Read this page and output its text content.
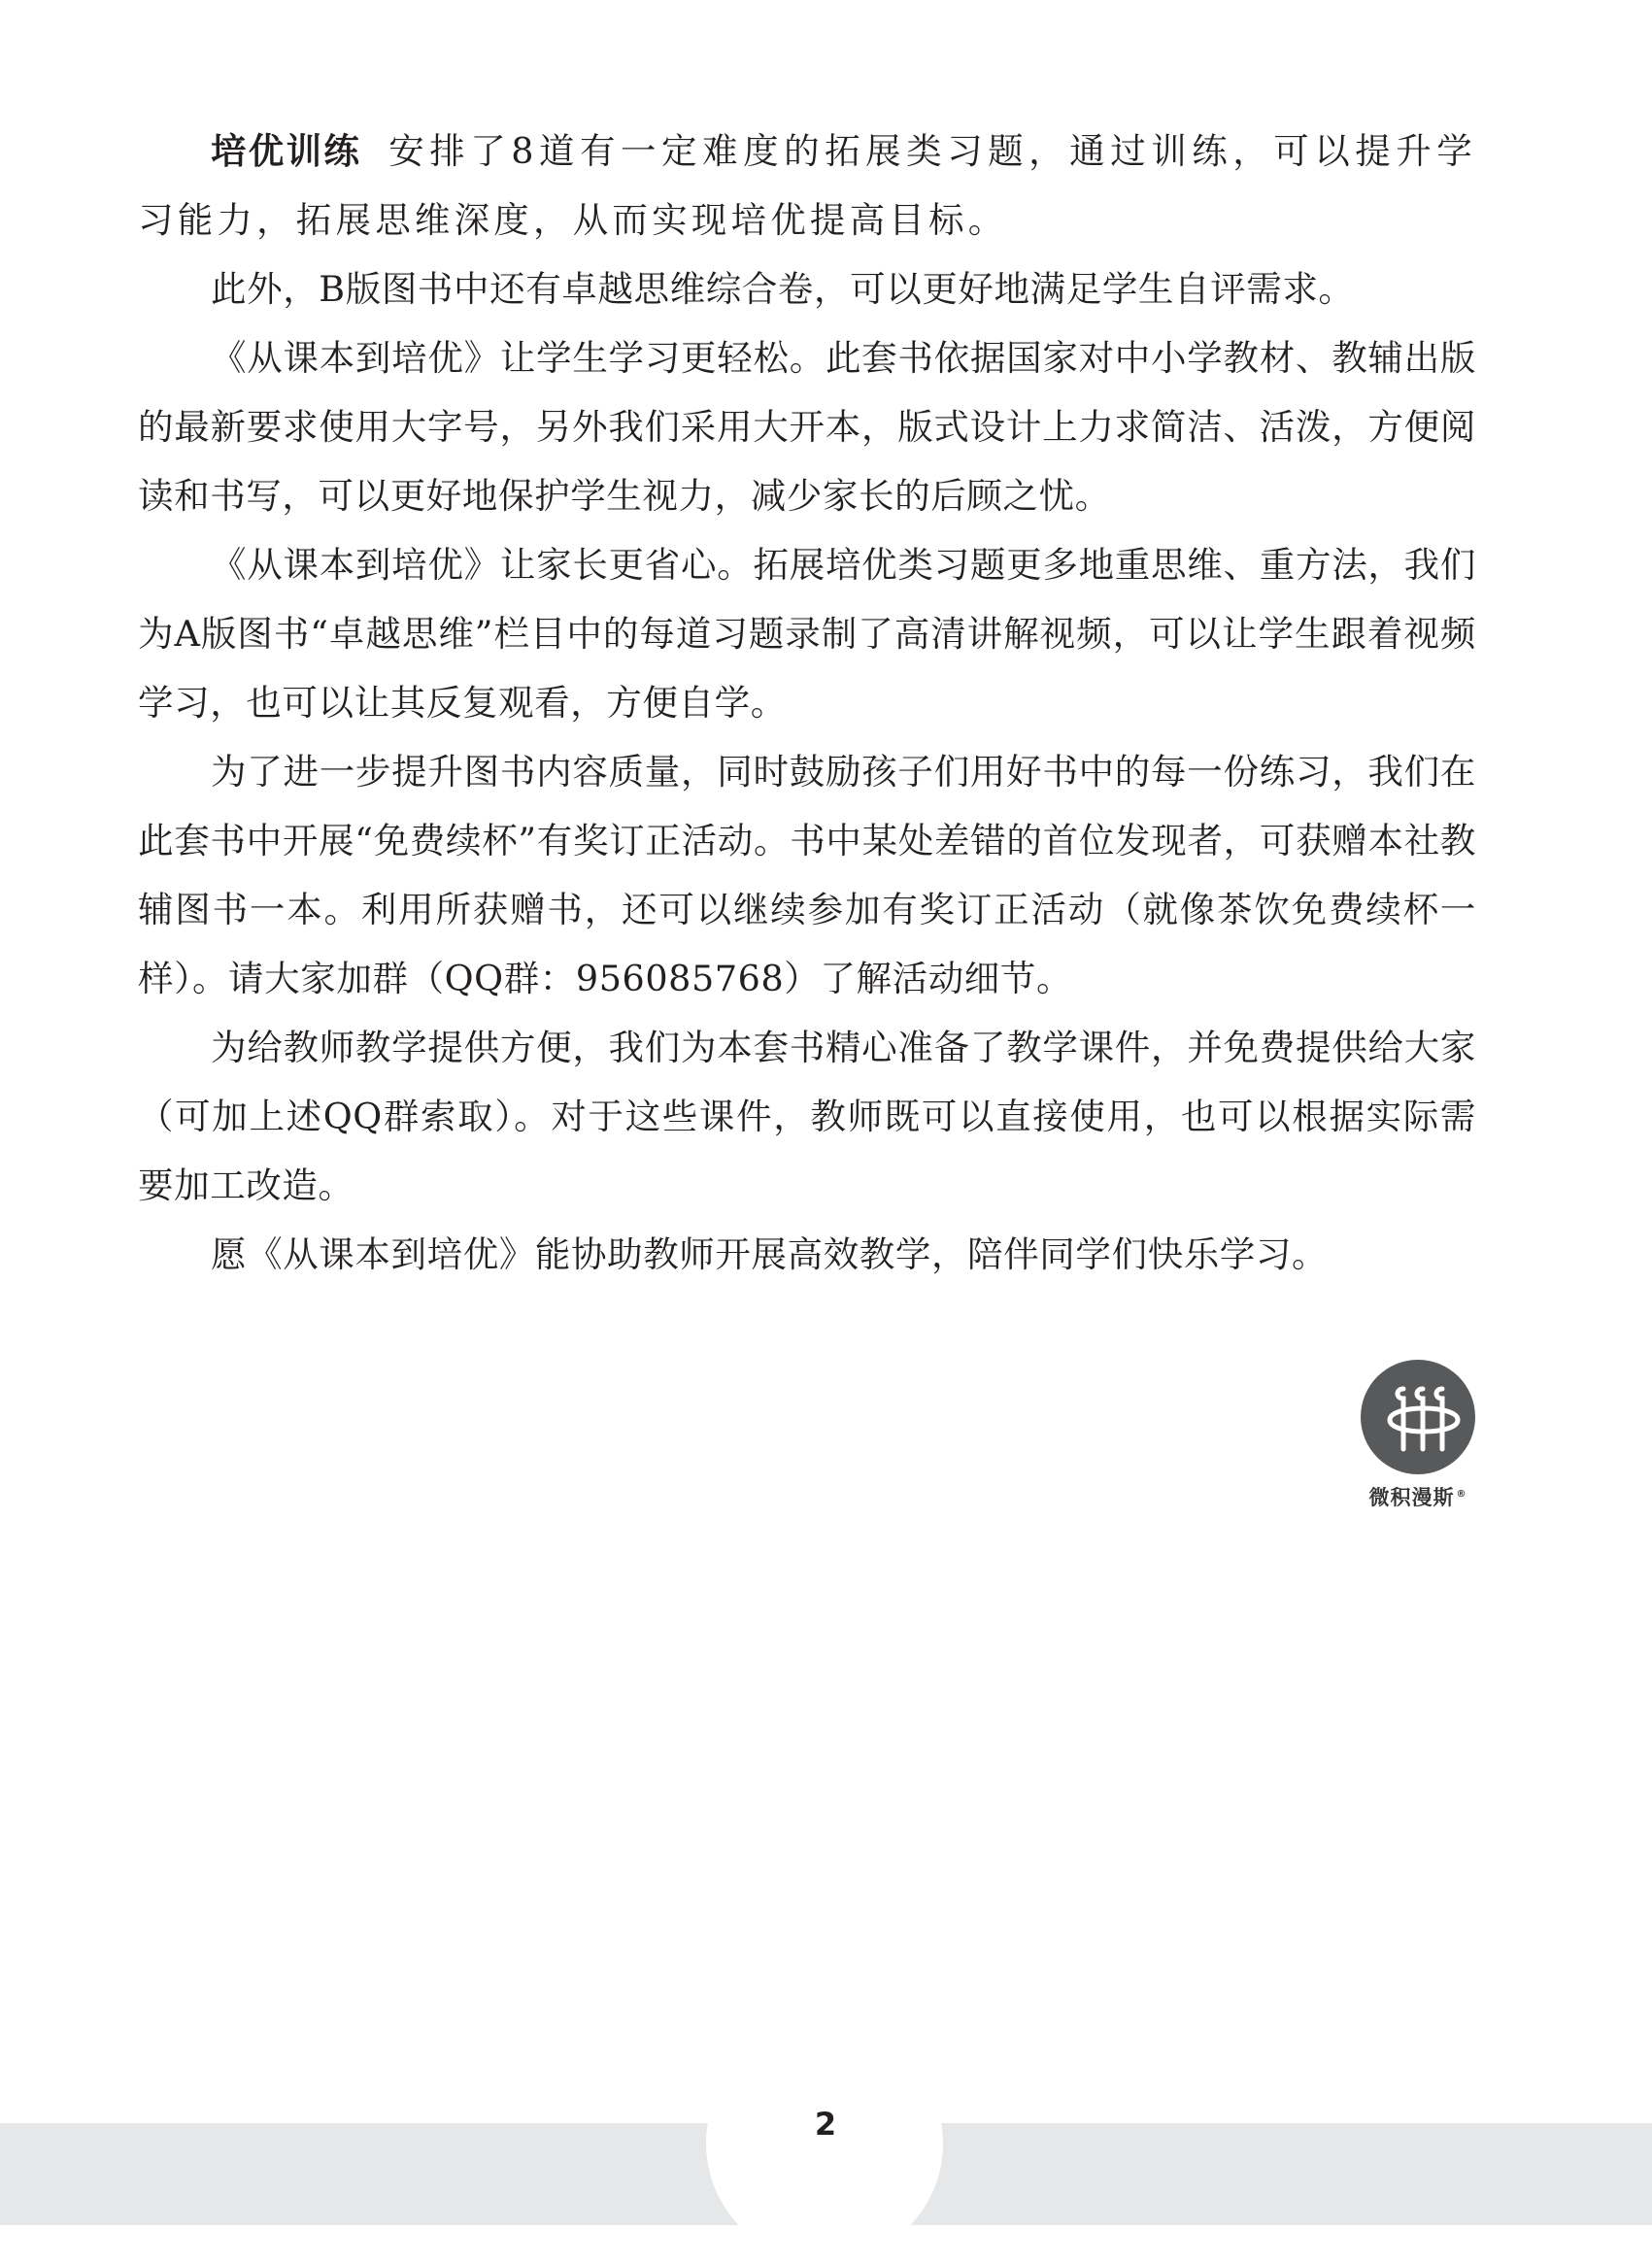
培优训练 安排了8道有一定难度的拓展类习题，通过训练，可以提升学习能力，拓展思维深度，从而实现培优提高目标。

此外，B版图书中还有卓越思维综合卷，可以更好地满足学生自评需求。

《从课本到培优》让学生学习更轻松。此套书依据国家对中小学教材、教辅出版的最新要求使用大字号，另外我们采用大开本，版式设计上力求简洁、活泼，方便阅读和书写，可以更好地保护学生视力，减少家长的后顾之忧。

《从课本到培优》让家长更省心。拓展培优类习题更多地重思维、重方法，我们为A版图书“卓越思维”栏目中的每道习题录制了高清讲解视频，可以让学生跟着视频学习，也可以让其反复观看，方便自学。

为了进一步提升图书内容质量，同时鼓励孩子们用好书中的每一份练习，我们在此套书中开展“免费续杯”有奖订正活动。书中某处差错的首位发现者，可获赠本社教辅图书一本。利用所获赠书，还可以继续参加有奖订正活动（就像茶饮免费续杯一样）。请大家加群（QQ群：956085768）了解活动细节。

为给教师教学提供方便，我们为本套书精心准备了教学课件，并免费提供给大家（可加上述QQ群索取）。对于这些课件，教师既可以直接使用，也可以根据实际需要加工改造。

愿《从课本到培优》能协助教师开展高效教学，陪伴同学们快乐学习。

微积漫斯 ®
2
